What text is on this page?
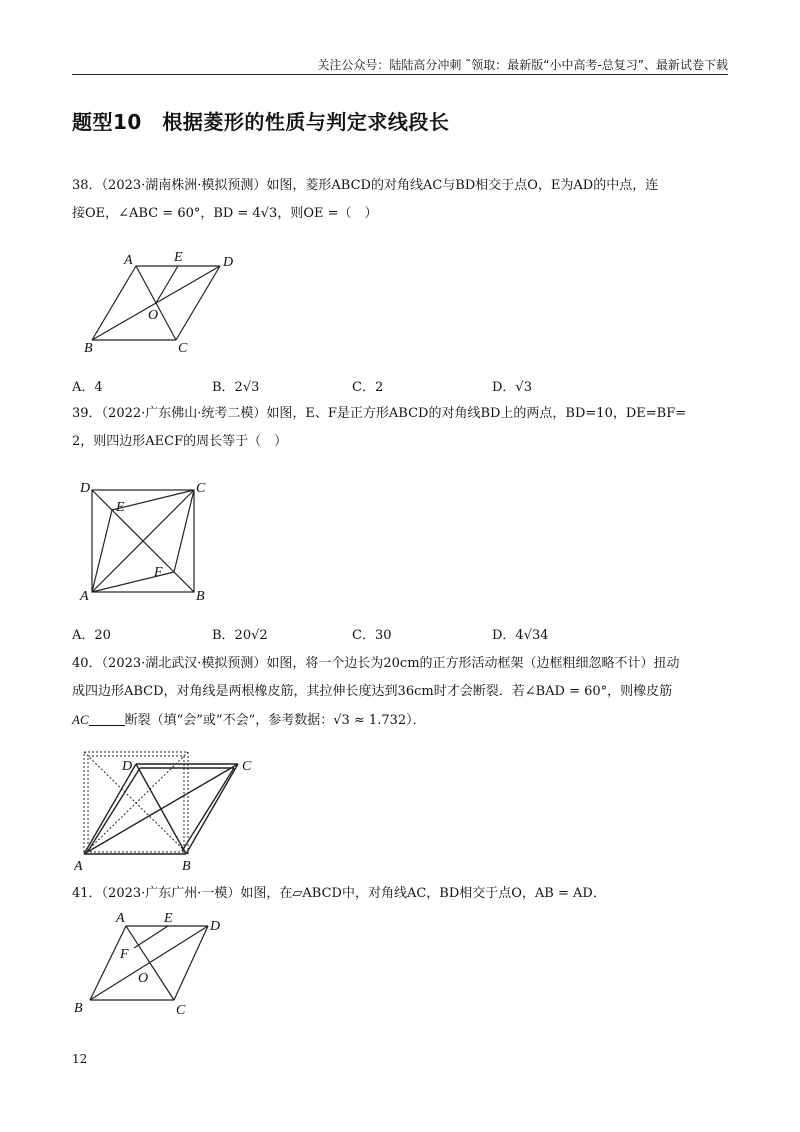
关注公众号：陆陆高分冲刺 ˜领取：最新版“小中高考-总复习”、最新试卷下载
题型10　根据菱形的性质与判定求线段长
38．（2023·湖南株洲·模拟预测）如图，菱形ABCD的对角线AC与BD相交于点O，E为AD的中点，连
接OE，∠ABC = 60°，BD = 4√3，则OE =（　）
A	E	D
O
B	C
A．4	B．2√3	C．2	D．√3
39．（2022·广东佛山·统考二模）如图，E、F是正方形ABCD的对角线BD上的两点，BD=10，DE=BF=
2，则四边形AECF的周长等于（　）
D	C
E
F
A	B
A．20	B．20√2	C．30	D．4√34
40．（2023·湖北武汉·模拟预测）如图，将一个边长为20cm的正方形活动框架（边框粗细忽略不计）扭动
成四边形ABCD，对角线是两根橡皮筋，其拉伸长度达到36cm时才会断裂．若∠BAD = 60°，则橡皮筋
AC	断裂（填“会”或“不会”，参考数据：√3 ≈ 1.732）．
D	C
A	B
41．（2023·广东广州·一模）如图，在▱ABCD中，对角线AC，BD相交于点O，AB = AD．
A	E
D
F
O
B	C
12
